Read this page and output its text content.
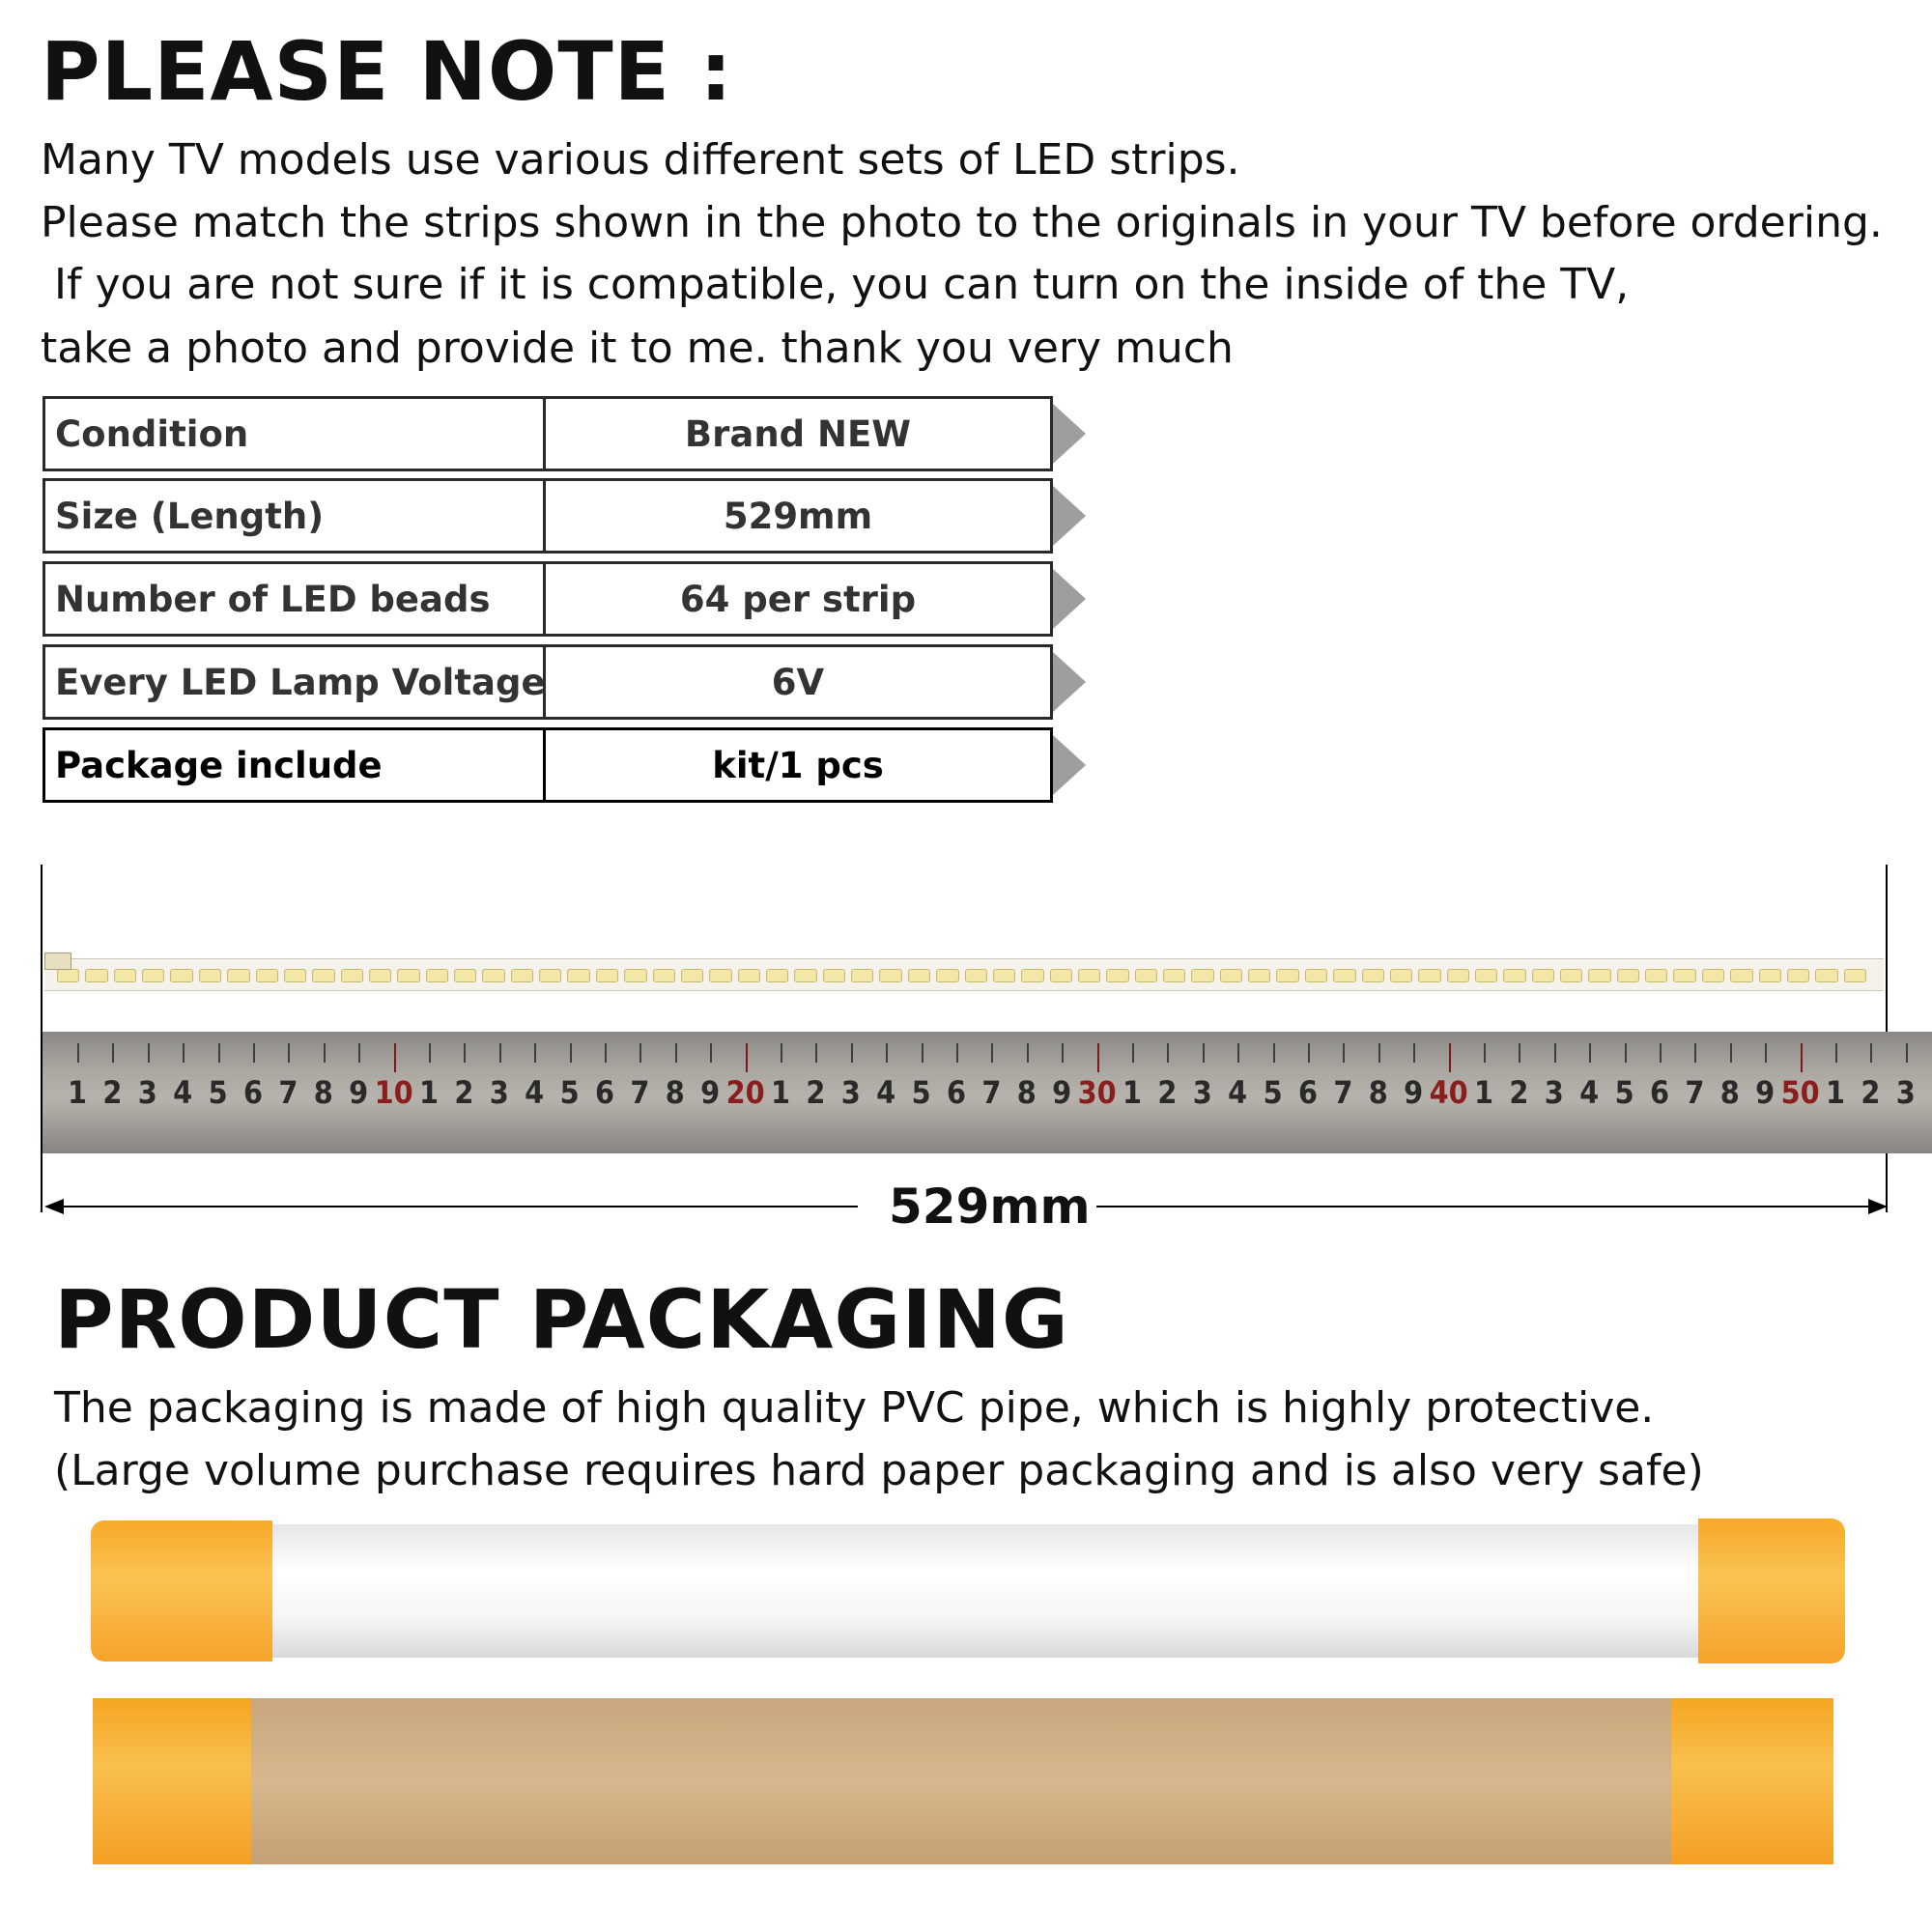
PLEASE NOTE :
Many TV models use various different sets of LED strips.
Please match the strips shown in the photo to the originals in your TV before ordering.
If you are not sure if it is compatible, you can turn on the inside of the TV,
take a photo and provide it to me. thank you very much
Condition	Brand NEW
Size (Length)	529mm
Number of LED beads	64 per strip
Every LED Lamp Voltage	6V
Package include	kit/1 pcs
1 2 3 4 5 6 7 8 9 10 1 2 3 4 5 6 7 8 9 20 1 2 3 4 5 6 7 8 9 30 1 2 3 4 5 6 7 8 9 40 1 2 3 4 5 6 7 8 9 50 1 2 3
529mm
PRODUCT PACKAGING
The packaging is made of high quality PVC pipe, which is highly protective.
(Large volume purchase requires hard paper packaging and is also very safe)
